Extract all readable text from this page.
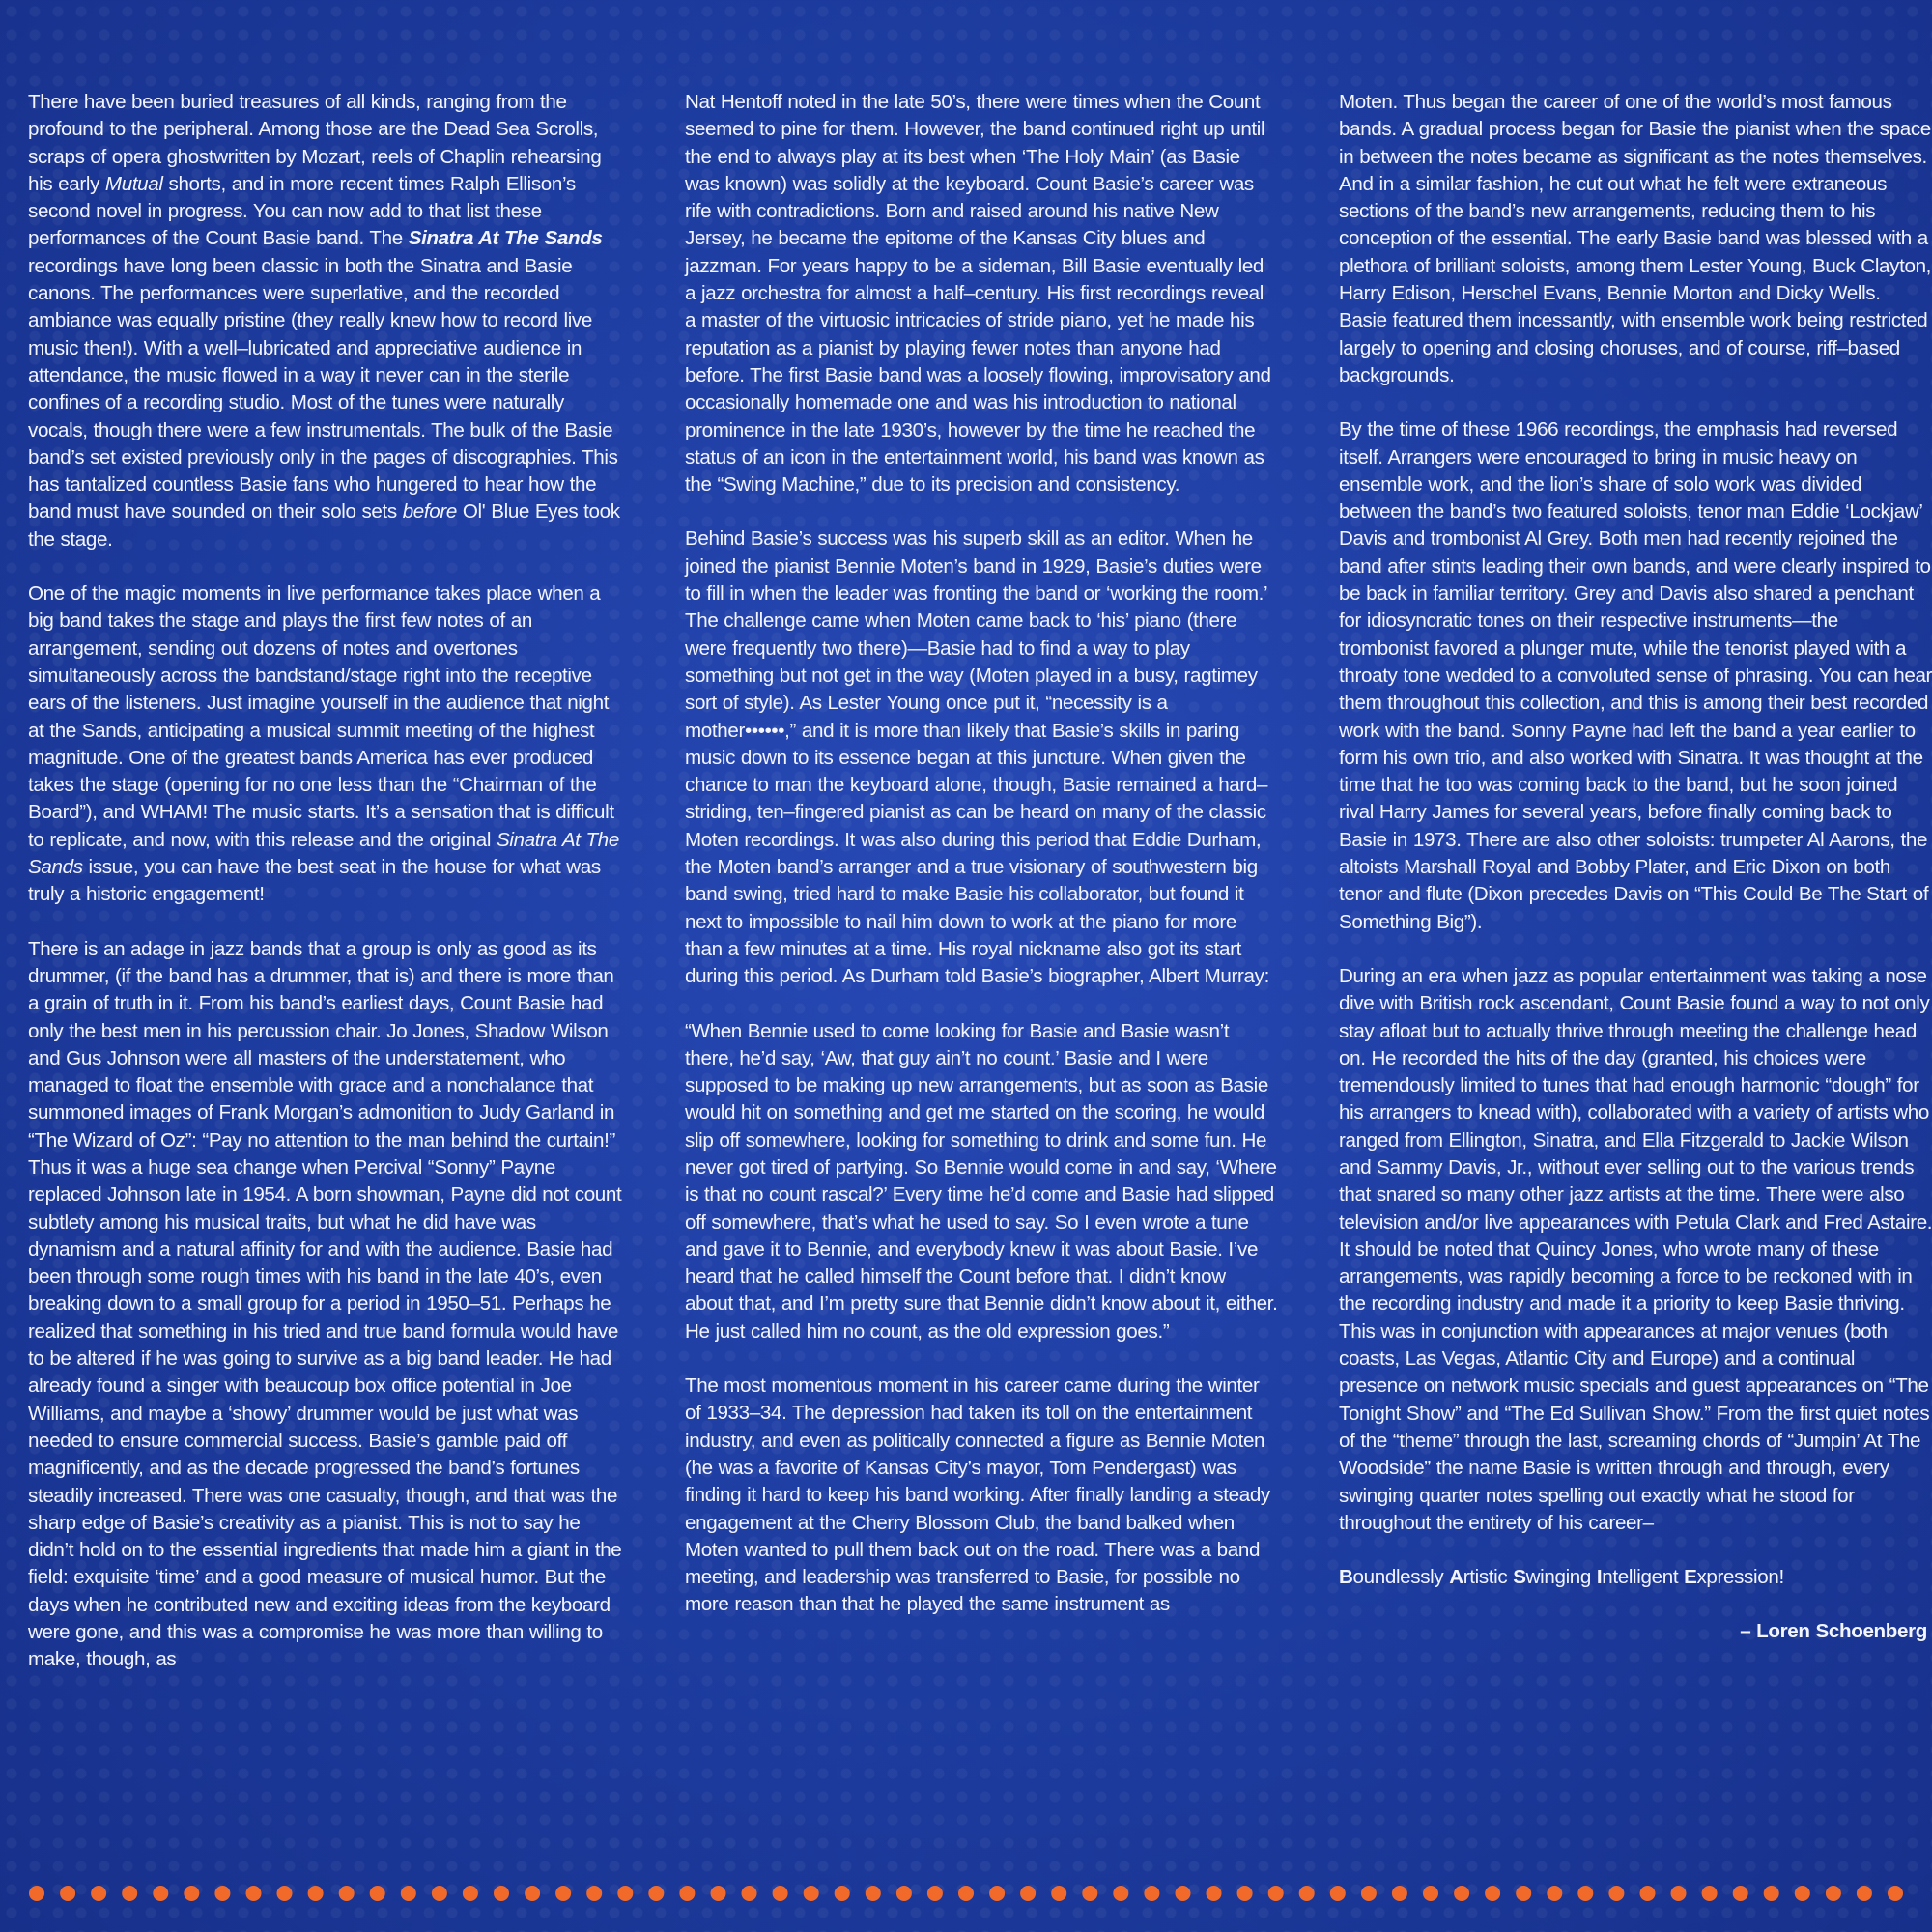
There have been buried treasures of all kinds, ranging from the profound to the peripheral. Among those are the Dead Sea Scrolls, scraps of opera ghostwritten by Mozart, reels of Chaplin rehearsing his early Mutual shorts, and in more recent times Ralph Ellison’s second novel in progress. You can now add to that list these performances of the Count Basie band. The Sinatra At The Sands recordings have long been classic in both the Sinatra and Basie canons. The performances were superlative, and the recorded ambiance was equally pristine (they really knew how to record live music then!). With a well–lubricated and appreciative audience in attendance, the music flowed in a way it never can in the sterile confines of a recording studio. Most of the tunes were naturally vocals, though there were a few instrumentals. The bulk of the Basie band’s set existed previously only in the pages of discographies. This has tantalized countless Basie fans who hungered to hear how the band must have sounded on their solo sets before Ol' Blue Eyes took the stage.

One of the magic moments in live performance takes place when a big band takes the stage and plays the first few notes of an arrangement, sending out dozens of notes and overtones simultaneously across the bandstand/stage right into the receptive ears of the listeners. Just imagine yourself in the audience that night at the Sands, anticipating a musical summit meeting of the highest magnitude. One of the greatest bands America has ever produced takes the stage (opening for no one less than the “Chairman of the Board”), and WHAM! The music starts. It’s a sensation that is difficult to replicate, and now, with this release and the original Sinatra At The Sands issue, you can have the best seat in the house for what was truly a historic engagement!

There is an adage in jazz bands that a group is only as good as its drummer, (if the band has a drummer, that is) and there is more than a grain of truth in it. From his band’s earliest days, Count Basie had only the best men in his percussion chair. Jo Jones, Shadow Wilson and Gus Johnson were all masters of the understatement, who managed to float the ensemble with grace and a nonchalance that summoned images of Frank Morgan’s admonition to Judy Garland in “The Wizard of Oz”: “Pay no attention to the man behind the curtain!” Thus it was a huge sea change when Percival “Sonny” Payne replaced Johnson late in 1954. A born showman, Payne did not count subtlety among his musical traits, but what he did have was dynamism and a natural affinity for and with the audience. Basie had been through some rough times with his band in the late 40’s, even breaking down to a small group for a period in 1950–51. Perhaps he realized that something in his tried and true band formula would have to be altered if he was going to survive as a big band leader. He had already found a singer with beaucoup box office potential in Joe Williams, and maybe a ‘showy’ drummer would be just what was needed to ensure commercial success. Basie’s gamble paid off magnificently, and as the decade progressed the band’s fortunes steadily increased. There was one casualty, though, and that was the sharp edge of Basie’s creativity as a pianist. This is not to say he didn’t hold on to the essential ingredients that made him a giant in the field: exquisite ‘time’ and a good measure of musical humor. But the days when he contributed new and exciting ideas from the keyboard were gone, and this was a compromise he was more than willing to make, though, as

Nat Hentoff noted in the late 50’s, there were times when the Count seemed to pine for them. However, the band continued right up until the end to always play at its best when ‘The Holy Main’ (as Basie was known) was solidly at the keyboard. Count Basie’s career was rife with contradictions. Born and raised around his native New Jersey, he became the epitome of the Kansas City blues and jazzman. For years happy to be a sideman, Bill Basie eventually led a jazz orchestra for almost a half–century. His first recordings reveal a master of the virtuosic intricacies of stride piano, yet he made his reputation as a pianist by playing fewer notes than anyone had before. The first Basie band was a loosely flowing, improvisatory and occasionally homemade one and was his introduction to national prominence in the late 1930’s, however by the time he reached the status of an icon in the entertainment world, his band was known as the “Swing Machine,” due to its precision and consistency.

Behind Basie’s success was his superb skill as an editor. When he joined the pianist Bennie Moten’s band in 1929, Basie’s duties were to fill in when the leader was fronting the band or ‘working the room.’ The challenge came when Moten came back to ‘his’ piano (there were frequently two there)—Basie had to find a way to play something but not get in the way (Moten played in a busy, ragtimey sort of style). As Lester Young once put it, “necessity is a mother••••••,” and it is more than likely that Basie’s skills in paring music down to its essence began at this juncture. When given the chance to man the keyboard alone, though, Basie remained a hard–striding, ten–fingered pianist as can be heard on many of the classic Moten recordings. It was also during this period that Eddie Durham, the Moten band’s arranger and a true visionary of southwestern big band swing, tried hard to make Basie his collaborator, but found it next to impossible to nail him down to work at the piano for more than a few minutes at a time. His royal nickname also got its start during this period. As Durham told Basie’s biographer, Albert Murray:

“When Bennie used to come looking for Basie and Basie wasn’t there, he’d say, ‘Aw, that guy ain’t no count.’ Basie and I were supposed to be making up new arrangements, but as soon as Basie would hit on something and get me started on the scoring, he would slip off somewhere, looking for something to drink and some fun. He never got tired of partying. So Bennie would come in and say, ‘Where is that no count rascal?’ Every time he’d come and Basie had slipped off somewhere, that’s what he used to say. So I even wrote a tune and gave it to Bennie, and everybody knew it was about Basie. I’ve heard that he called himself the Count before that. I didn’t know about that, and I’m pretty sure that Bennie didn’t know about it, either. He just called him no count, as the old expression goes.”

The most momentous moment in his career came during the winter of 1933–34. The depression had taken its toll on the entertainment industry, and even as politically connected a figure as Bennie Moten (he was a favorite of Kansas City’s mayor, Tom Pendergast) was finding it hard to keep his band working. After finally landing a steady engagement at the Cherry Blossom Club, the band balked when Moten wanted to pull them back out on the road. There was a band meeting, and leadership was transferred to Basie, for possible no more reason than that he played the same instrument as

Moten. Thus began the career of one of the world’s most famous bands. A gradual process began for Basie the pianist when the space in between the notes became as significant as the notes themselves. And in a similar fashion, he cut out what he felt were extraneous sections of the band’s new arrangements, reducing them to his conception of the essential. The early Basie band was blessed with a plethora of brilliant soloists, among them Lester Young, Buck Clayton, Harry Edison, Herschel Evans, Bennie Morton and Dicky Wells. Basie featured them incessantly, with ensemble work being restricted largely to opening and closing choruses, and of course, riff–based backgrounds.

By the time of these 1966 recordings, the emphasis had reversed itself. Arrangers were encouraged to bring in music heavy on ensemble work, and the lion’s share of solo work was divided between the band’s two featured soloists, tenor man Eddie ‘Lockjaw’ Davis and trombonist Al Grey. Both men had recently rejoined the band after stints leading their own bands, and were clearly inspired to be back in familiar territory. Grey and Davis also shared a penchant for idiosyncratic tones on their respective instruments—the trombonist favored a plunger mute, while the tenorist played with a throaty tone wedded to a convoluted sense of phrasing. You can hear them throughout this collection, and this is among their best recorded work with the band. Sonny Payne had left the band a year earlier to form his own trio, and also worked with Sinatra. It was thought at the time that he too was coming back to the band, but he soon joined rival Harry James for several years, before finally coming back to Basie in 1973. There are also other soloists: trumpeter Al Aarons, the altoists Marshall Royal and Bobby Plater, and Eric Dixon on both tenor and flute (Dixon precedes Davis on “This Could Be The Start of Something Big”).

During an era when jazz as popular entertainment was taking a nose dive with British rock ascendant, Count Basie found a way to not only stay afloat but to actually thrive through meeting the challenge head on. He recorded the hits of the day (granted, his choices were tremendously limited to tunes that had enough harmonic “dough” for his arrangers to knead with), collaborated with a variety of artists who ranged from Ellington, Sinatra, and Ella Fitzgerald to Jackie Wilson and Sammy Davis, Jr., without ever selling out to the various trends that snared so many other jazz artists at the time. There were also television and/or live appearances with Petula Clark and Fred Astaire. It should be noted that Quincy Jones, who wrote many of these arrangements, was rapidly becoming a force to be reckoned with in the recording industry and made it a priority to keep Basie thriving. This was in conjunction with appearances at major venues (both coasts, Las Vegas, Atlantic City and Europe) and a continual presence on network music specials and guest appearances on “The Tonight Show” and “The Ed Sullivan Show.” From the first quiet notes of the “theme” through the last, screaming chords of “Jumpin’ At The Woodside” the name Basie is written through and through, every swinging quarter notes spelling out exactly what he stood for throughout the entirety of his career–

Boundlessly Artistic Swinging Intelligent Expression!

– Loren Schoenberg
